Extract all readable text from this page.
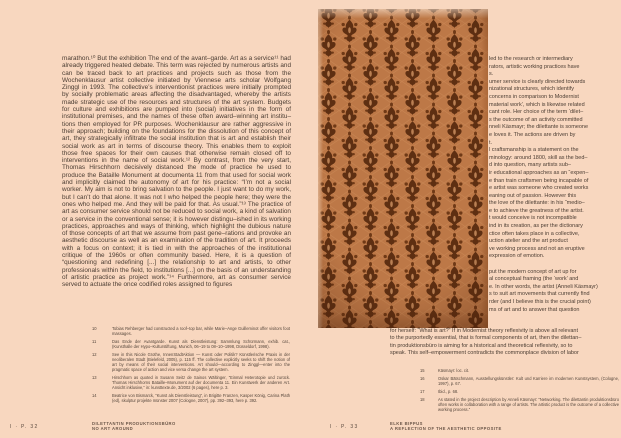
marathon.¹⁰ But the exhibition The end of the avant–garde. Art as a service¹¹ had already triggered heated debate. This term was rejected by numerous artists and can be traced back to art practices and projects such as those from the Wochenklausur artist collective initiated by Viennese arts scholar Wolfgang Zinggl in 1993. The collective’s interventionist practices were initially prompted by socially problematic areas affecting the disadvantaged, whereby the artists made strategic use of the resources and structures of the art system. Budgets for culture and exhibitions are pumped into (social) initiatives in the form of institutional premises, and the names of these often award–winning art institu–tions then employed for PR purposes. Wochenklausur are rather aggressive in their approach; building on the foundations for the dissolution of this concept of art, they strategically infiltrate the social institution that is art and establish their social work as art in terms of discourse theory. This enables them to exploit those free spaces for their own causes that otherwise remain closed off to interventions in the name of social work.¹² By contrast, from the very start, Thomas Hirschhorn decisively distanced the mode of practice he used to produce the Bataille Monument at documenta 11 from that used for social work and implicitly claimed the autonomy of art for his practice: “I’m not a social worker. My aim is not to bring salvation to the people. I just want to do my work, but I can’t do that alone. It was not I who helped the people here; they were the ones who helped me. And they will be paid for that. As usual.”¹³ The practice of art as consumer service should not be reduced to social work, a kind of salvation or a service in the conventional sense; it is however distingu–ished in its working practices, approaches and ways of thinking, which highlight the dubious nature of those concepts of art that we assume from past gene–rations and provoke an aesthetic discourse as well as an examination of the tradition of art. It proceeds with a focus on context; it is tied in with the approaches of the institutional critique of the 1960s or often community based. Here, it is a question of “questioning and redefining [...] the relationship to art and artists, to other professionals within the field, to institutions [...] on the basis of an understanding of artistic practice as project work.”¹⁴ Furthermore, art as consumer service served to actuate the once codified roles assigned to figures
10	Tobias Rehberger had constructed a roof–top bar, while Marie–Ange Guilleminot offer visitors foot massages.
11	Das Ende der Avantgarde. Kunst als Dienstleistung: Sammlung Schürmann, exhib. cat., (Kunsthalle der Hypo–Kulturstiftung, Munich, 06–19 to 08–10–1998, Düsseldorf, 1998).
12	See in this Nicole Grothe, InnenStadtAktion — Kunst oder Politik? Künstlerische Praxis in der neoliberalen Stadt (Bielefeld, 2005), p. 115 ff. The collective explicitly seeks to shift the notion of art by means of their social interventions. Art should—according to Zinggl—enter into the pragmatic space of action and vice versa change the art system.
13	Hirschhorn as quoted in Susann Seitz de Sainos Wältinger, “Einmal Heterotopie und zurück. Thomas Hirschhorns Bataille–Monument auf der documenta 11. Ein Kunstwerk der anderen Art. Ansicht inklusive,” in: kunsttexte.de, 3/2002 (6 pages), here p. 3.
14	Beatrice von Bismarck, “Kunst als Dienstleistung”, in Brigitte Franzen, Kasper König, Carina Plath (ed), skulptur projekte münster 2007 (Cologne, 2007), pp. 392–393, here p. 392.
I · P. 32
DILETTANTIN PRODUKTIONSBÜRO
NO ART AROUND
led to the research or intermediary
rators, artistic working practices have
s.
umer service is clearly directed towards
nizational structures, which identify
concerns in comparison to Modernist
material work’, which is likewise related
cant role. Her choice of the term ‘dilet–
s the outcome of an activity committed
nneli Käsmayr; the dilettante is someone
e loves it. The actions are driven by
t.
l craftsmanship is a statement on the
minology: around 1800, skill as the bed–
d into question, many artists sub–
ir educational approaches as an “expen–
e than train craftsmen being incapable of
e artist was someone who created works
eaning out of passion. However this
the love of the dilettante: in his “medio–
e to achieve the greatness of the artist.
t would conceive is not incompatible
ind in its creation, as per the dictionary
ctice often takes place in a collective,
uction atelier and the art product
ve working process and not an eruptive
expression of emotion.
put the modern concept of art up for
al conceptual framing (the ‘work’ and
e. In other words, the artist (Anneli Käsmayr)
s to suit art movements that currently find
rder (and I believe this is the crucial point)
ms of art and to answer that question
for herself: “What is art?” If in Modernist theory reflexivity is above all relevant
to the purportedly essential, that is formal components of art, then the dilettan–
tin produktionsbüro is aiming for a historical and theoretical reflexivity, so to
speak. This self–empowerment contradicts the commonplace division of labor
15	Käsmayr: loc. cit.
16	Oskar Bätschmann, Ausstellungskünstler: Kult und Karriere im modernen Kunstsystem, (Cologne, 1997), p. 67.
17	Ibid., p. 68.
18	As stated in the project description by Anneli Käsmayr: “Networking. The dilettantin produktionsbüro often works in collaboration with a range of artists. The artistic product is the outcome of a collective working process.”
I · P. 33
ELKE BIPPUS
A REFLECTION OF THE AESTHETIC OPPOSITE
